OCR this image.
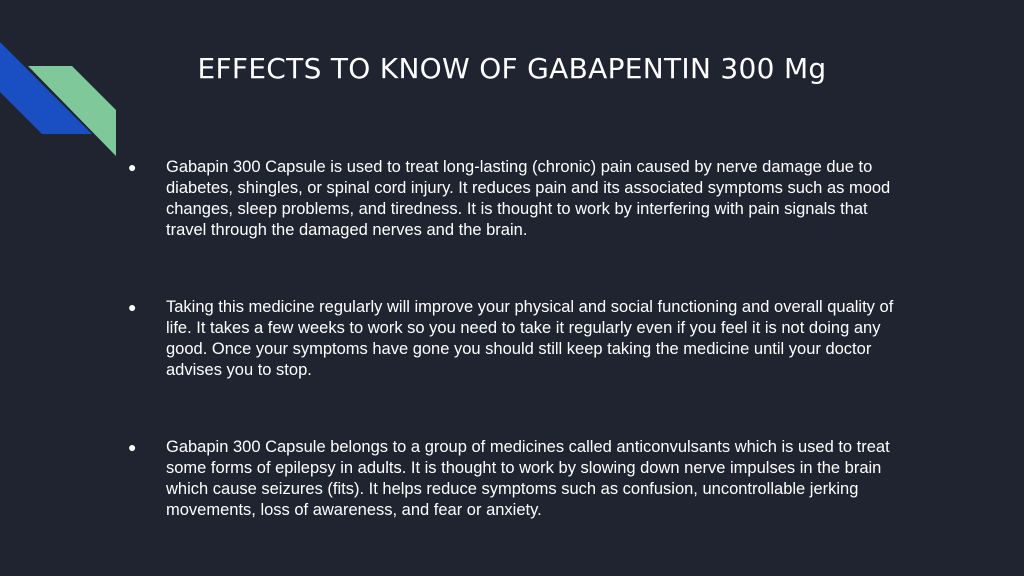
EFFECTS TO KNOW OF GABAPENTIN 300 Mg
●	Gabapin 300 Capsule is used to treat long-lasting (chronic) pain caused by nerve damage due to diabetes, shingles, or spinal cord injury. It reduces pain and its associated symptoms such as mood changes, sleep problems, and tiredness. It is thought to work by interfering with pain signals that travel through the damaged nerves and the brain.
●	Taking this medicine regularly will improve your physical and social functioning and overall quality of life. It takes a few weeks to work so you need to take it regularly even if you feel it is not doing any good. Once your symptoms have gone you should still keep taking the medicine until your doctor advises you to stop.
●	Gabapin 300 Capsule belongs to a group of medicines called anticonvulsants which is used to treat some forms of epilepsy in adults. It is thought to work by slowing down nerve impulses in the brain which cause seizures (fits). It helps reduce symptoms such as confusion, uncontrollable jerking movements, loss of awareness, and fear or anxiety.
